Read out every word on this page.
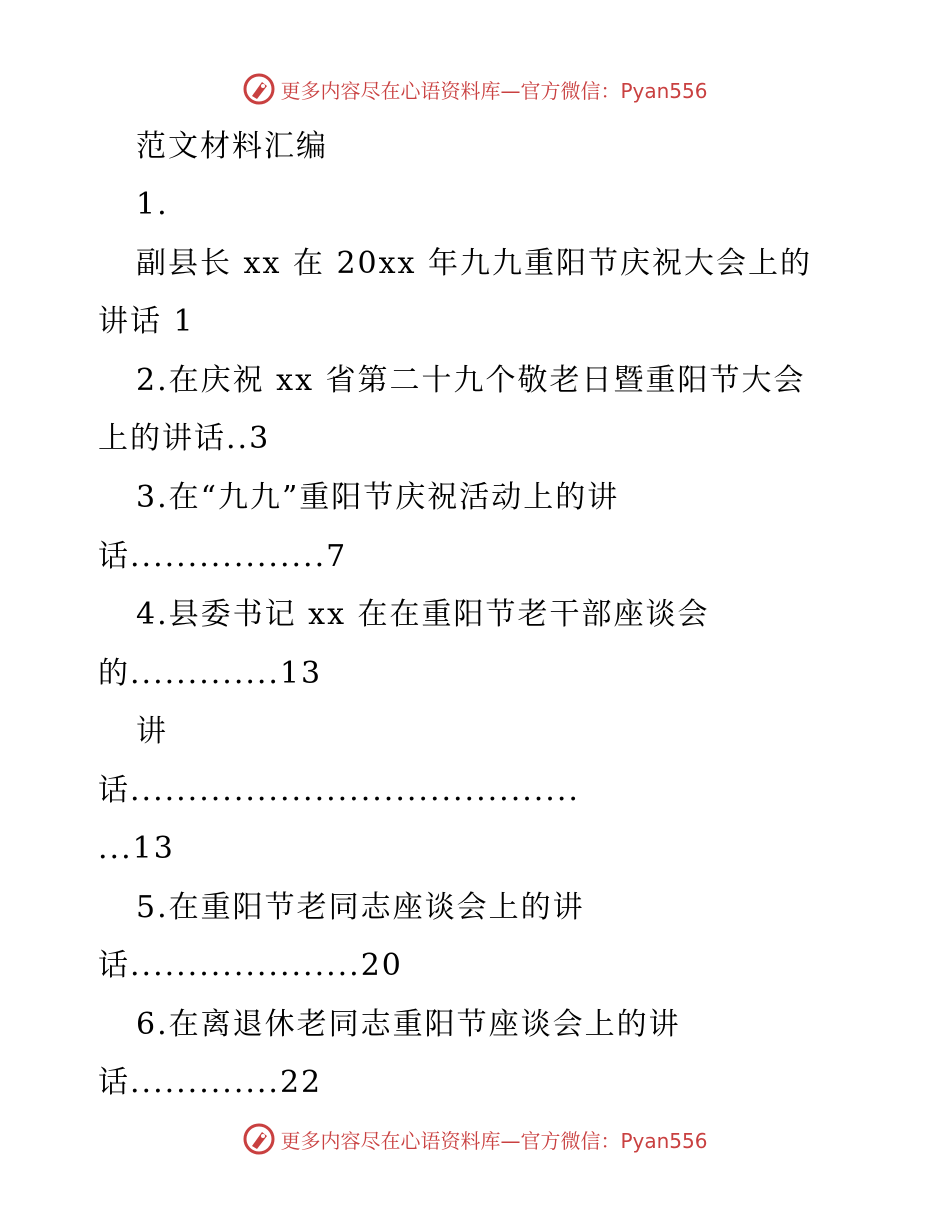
更多内容尽在心语资料库—官方微信：Pyan556
范文材料汇编
1.
副县长 xx 在 20xx 年九九重阳节庆祝大会上的
讲话 1
2.在庆祝 xx 省第二十九个敬老日暨重阳节大会
上的讲话..3
3.在“九九”重阳节庆祝活动上的讲
话.................7
4.县委书记 xx 在在重阳节老干部座谈会
的.............13
讲
话.......................................
...13
5.在重阳节老同志座谈会上的讲
话....................20
6.在离退休老同志重阳节座谈会上的讲
话.............22
更多内容尽在心语资料库—官方微信：Pyan556
